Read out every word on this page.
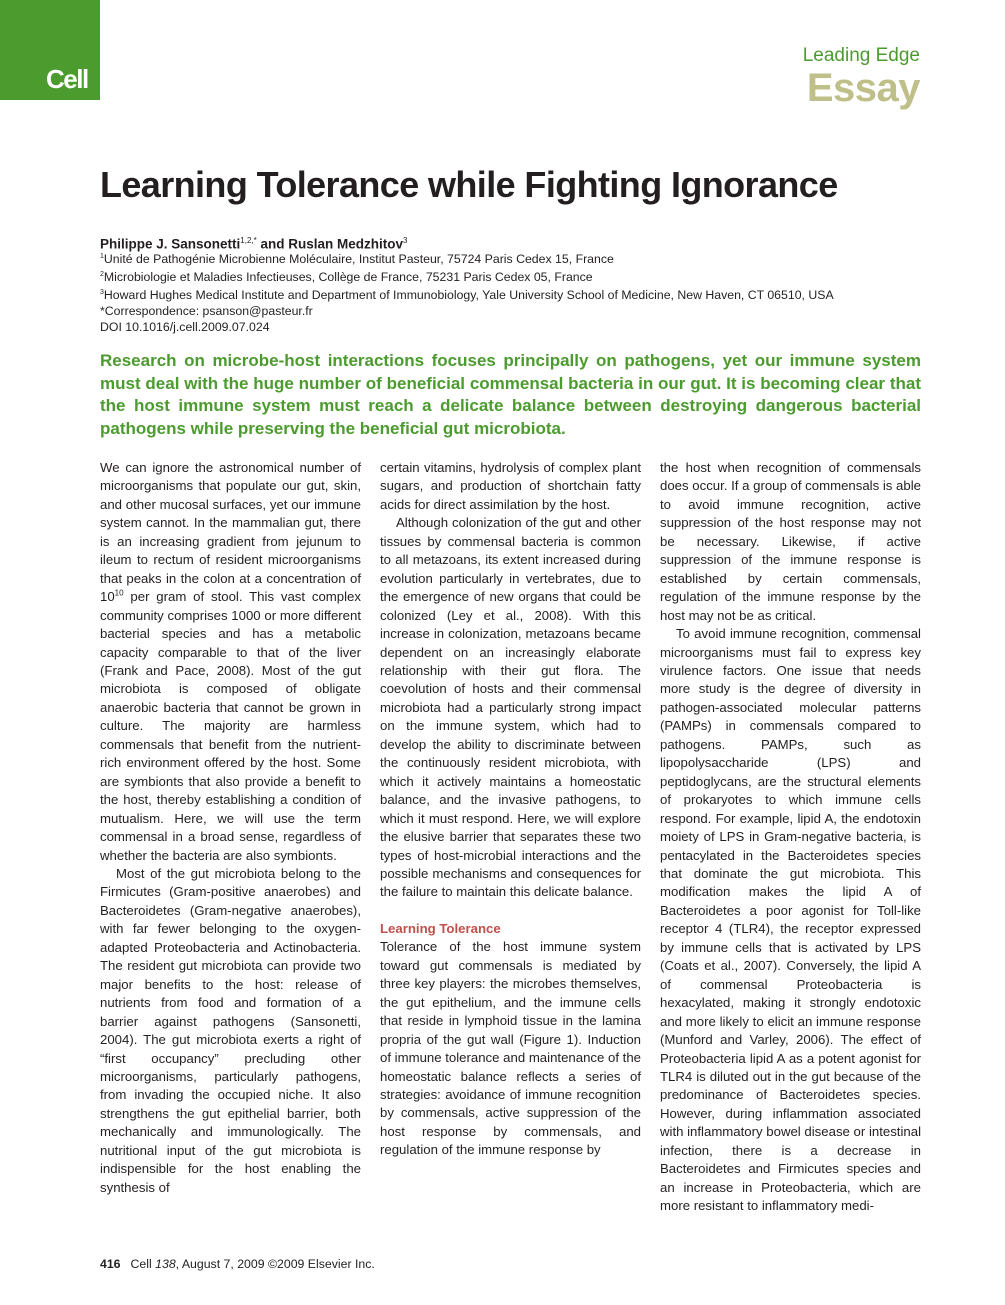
Cell
Leading Edge
Essay
Learning Tolerance while Fighting Ignorance
Philippe J. Sansonetti$^{1,2,*}$ and Ruslan Medzhitov$^3$
$^1$Unité de Pathogénie Microbienne Moléculaire, Institut Pasteur, 75724 Paris Cedex 15, France
$^2$Microbiologie et Maladies Infectieuses, Collège de France, 75231 Paris Cedex 05, France
$^3$Howard Hughes Medical Institute and Department of Immunobiology, Yale University School of Medicine, New Haven, CT 06510, USA
*Correspondence: psanson@pasteur.fr
DOI 10.1016/j.cell.2009.07.024

Research on microbe-host interactions focuses principally on pathogens, yet our immune system must deal with the huge number of beneficial commensal bacteria in our gut. It is becoming clear that the host immune system must reach a delicate balance between destroying dangerous bacterial pathogens while preserving the beneficial gut microbiota.

We can ignore the astronomical number of microorganisms that populate our gut, skin, and other mucosal surfaces, yet our immune system cannot. In the mammalian gut, there is an increasing gradient from jejunum to ileum to rectum of resident microorganisms that peaks in the colon at a concentration of $10^{10}$ per gram of stool. This vast complex community comprises 1000 or more different bacterial species and has a metabolic capacity comparable to that of the liver (Frank and Pace, 2008). Most of the gut microbiota is composed of obligate anaerobic bacteria that cannot be grown in culture. The majority are harmless commensals that benefit from the nutrient-rich environment offered by the host. Some are symbionts that also provide a benefit to the host, thereby establishing a condition of mutualism. Here, we will use the term commensal in a broad sense, regardless of whether the bacteria are also symbionts.

Most of the gut microbiota belong to the Firmicutes (Gram-positive anaerobes) and Bacteroidetes (Gram-negative anaerobes), with far fewer belonging to the oxygen-adapted Proteobacteria and Actinobacteria. The resident gut microbiota can provide two major benefits to the host: release of nutrients from food and formation of a barrier against pathogens (Sansonetti, 2004). The gut microbiota exerts a right of “first occupancy” precluding other microorganisms, particularly pathogens, from invading the occupied niche. It also strengthens the gut epithelial barrier, both mechanically and immunologically. The nutritional input of the gut microbiota is indispensible for the host enabling the synthesis of

certain vitamins, hydrolysis of complex plant sugars, and production of shortchain fatty acids for direct assimilation by the host.

Although colonization of the gut and other tissues by commensal bacteria is common to all metazoans, its extent increased during evolution particularly in vertebrates, due to the emergence of new organs that could be colonized (Ley et al., 2008). With this increase in colonization, metazoans became dependent on an increasingly elaborate relationship with their gut flora. The coevolution of hosts and their commensal microbiota had a particularly strong impact on the immune system, which had to develop the ability to discriminate between the continuously resident microbiota, with which it actively maintains a homeostatic balance, and the invasive pathogens, to which it must respond. Here, we will explore the elusive barrier that separates these two types of host-microbial interactions and the possible mechanisms and consequences for the failure to maintain this delicate balance.

Learning Tolerance

Tolerance of the host immune system toward gut commensals is mediated by three key players: the microbes themselves, the gut epithelium, and the immune cells that reside in lymphoid tissue in the lamina propria of the gut wall (Figure 1). Induction of immune tolerance and maintenance of the homeostatic balance reflects a series of strategies: avoidance of immune recognition by commensals, active suppression of the host response by commensals, and regulation of the immune response by

the host when recognition of commensals does occur. If a group of commensals is able to avoid immune recognition, active suppression of the host response may not be necessary. Likewise, if active suppression of the immune response is established by certain commensals, regulation of the immune response by the host may not be as critical.

To avoid immune recognition, commensal microorganisms must fail to express key virulence factors. One issue that needs more study is the degree of diversity in pathogen-associated molecular patterns (PAMPs) in commensals compared to pathogens. PAMPs, such as lipopolysaccharide (LPS) and peptidoglycans, are the structural elements of prokaryotes to which immune cells respond. For example, lipid A, the endotoxin moiety of LPS in Gram-negative bacteria, is pentacylated in the Bacteroidetes species that dominate the gut microbiota. This modification makes the lipid A of Bacteroidetes a poor agonist for Toll-like receptor 4 (TLR4), the receptor expressed by immune cells that is activated by LPS (Coats et al., 2007). Conversely, the lipid A of commensal Proteobacteria is hexacylated, making it strongly endotoxic and more likely to elicit an immune response (Munford and Varley, 2006). The effect of Proteobacteria lipid A as a potent agonist for TLR4 is diluted out in the gut because of the predominance of Bacteroidetes species. However, during inflammation associated with inflammatory bowel disease or intestinal infection, there is a decrease in Bacteroidetes and Firmicutes species and an increase in Proteobacteria, which are more resistant to inflammatory medi-

416 Cell 138, August 7, 2009 ©2009 Elsevier Inc.
